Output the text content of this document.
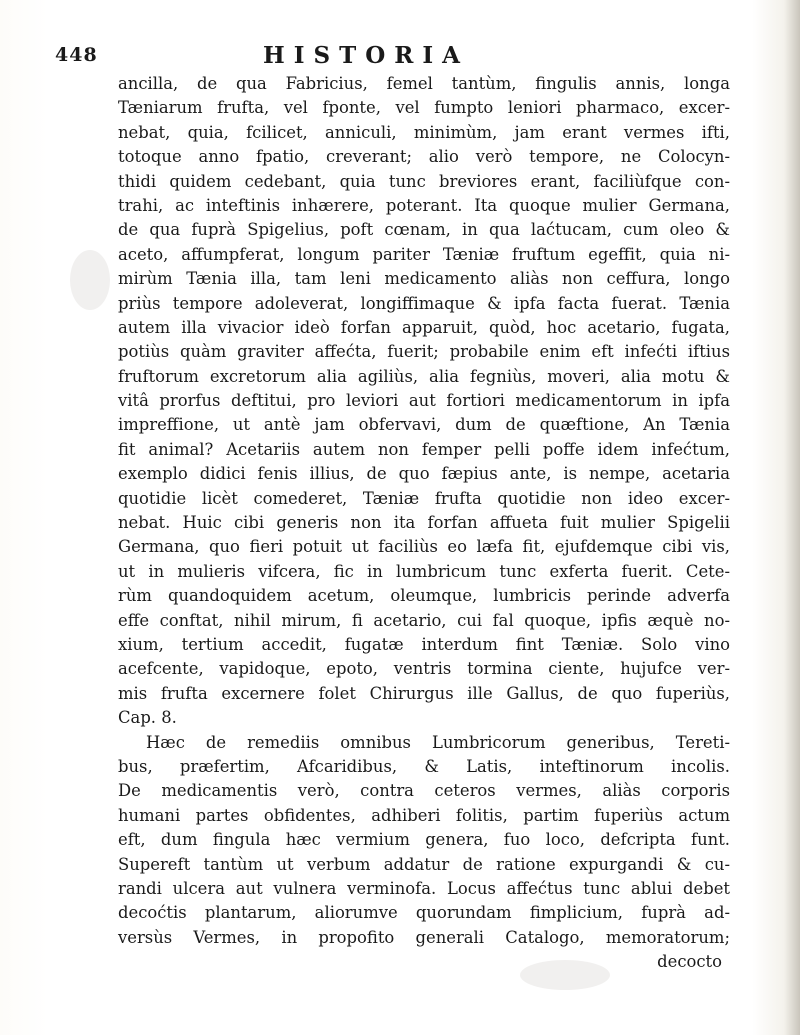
448	HISTORIA
ancilla, de qua Fabricius, femel tantùm, fingulis annis, longa
Tæniarum frufta, vel fponte, vel fumpto leniori pharmaco, excer-
nebat, quia, fcilicet, anniculi, minimùm, jam erant vermes ifti,
totoque anno fpatio, creverant; alio verò tempore, ne Colocyn-
thidi quidem cedebant, quia tunc breviores erant, faciliùfque con-
trahi, ac inteftinis inhærere, poterant. Ita quoque mulier Germana,
de qua fuprà Spigelius, poft cœnam, in qua laćtucam, cum oleo &
aceto, affumpferat, longum pariter Tæniæ fruftum egeffit, quia ni-
mirùm Tænia illa, tam leni medicamento aliàs non ceffura, longo
priùs tempore adoleverat, longiffimaque & ipfa facta fuerat. Tænia
autem illa vivacior ideò forfan apparuit, quòd, hoc acetario, fugata,
potiùs quàm graviter affećta, fuerit; probabile enim eft infećti iftius
fruftorum excretorum alia agiliùs, alia fegniùs, moveri, alia motu &
vitâ prorfus deftitui, pro leviori aut fortiori medicamentorum in ipfa
impreffione, ut antè jam obfervavi, dum de quæftione, An Tænia
fit animal? Acetariis autem non femper pelli poffe idem infećtum,
exemplo didici fenis illius, de quo fæpius ante, is nempe, acetaria
quotidie licèt comederet, Tæniæ frufta quotidie non ideo excer-
nebat. Huic cibi generis non ita forfan affueta fuit mulier Spigelii
Germana, quo fieri potuit ut faciliùs eo læfa fit, ejufdemque cibi vis,
ut in mulieris vifcera, fic in lumbricum tunc exferta fuerit. Cete-
rùm quandoquidem acetum, oleumque, lumbricis perinde adverfa
effe conftat, nihil mirum, fi acetario, cui fal quoque, ipfis æquè no-
xium, tertium accedit, fugatæ interdum fint Tæniæ. Solo vino
acefcente, vapidoque, epoto, ventris tormina ciente, hujufce ver-
mis frufta excernere folet Chirurgus ille Gallus, de quo fuperiùs,
Cap. 8.
Hæc de remediis omnibus Lumbricorum generibus, Tereti-
bus, præfertim, Afcaridibus, & Latis, inteftinorum incolis.
De medicamentis verò, contra ceteros vermes, aliàs corporis
humani partes obfidentes, adhiberi folitis, partim fuperiùs actum
eft, dum fingula hæc vermium genera, fuo loco, defcripta funt.
Supereft tantùm ut verbum addatur de ratione expurgandi & cu-
randi ulcera aut vulnera verminofa. Locus affećtus tunc ablui debet
decoćtis plantarum, aliorumve quorundam fimplicium, fuprà ad-
versùs Vermes, in propofito generali Catalogo, memoratorum;
decocto
